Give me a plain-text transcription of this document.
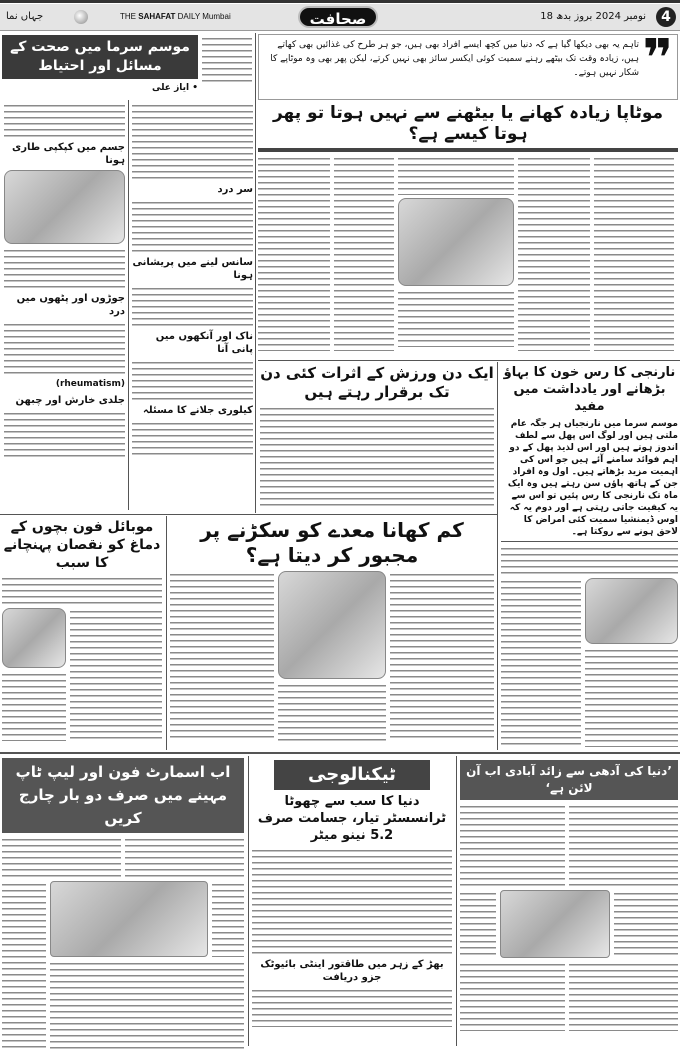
4
18 نومبر 2024 بروز بدھ
صحافت
THE SAHAFAT DAILY Mumbai
جہاں نما
موسم سرما میں صحت کے مسائل اور احتیاط
• ایاز علی
جسم میں کپکپی طاری ہونا
جوڑوں اور پٹھوں میں درد
(rheumatism)
جلدی خارش اور چبھن
سر درد
سانس لینے میں پریشانی ہونا
ناک اور آنکھوں میں پانی آنا
کیلوری جلانے کا مسئلہ
❞
تاہم یہ بھی دیکھا گیا ہے کہ دنیا میں کچھ ایسے افراد بھی ہیں، جو ہر طرح کی غذائیں بھی کھاتے ہیں، زیادہ وقت تک بیٹھے رہنے سمیت کوئی ایکسر سائز بھی نہیں کرتے، لیکن پھر بھی وہ موٹاپے کا شکار نہیں ہوتے۔
موٹاپا زیادہ کھانے یا بیٹھنے سے نہیں ہوتا تو پھر ہوتا کیسے ہے؟
ایک دن ورزش کے اثرات کئی دن تک برقرار رہتے ہیں
نارنجی کا رس خون کا بہاؤ بڑھانے اور یادداشت میں مفید
موسم سرما میں نارنجیاں ہر جگہ عام ملتی ہیں اور لوگ اس پھل سے لطف اندوز ہوتے ہیں اور اس لذیذ پھل کے دو اہم فوائد سامنے آئے ہیں جو اس کی اہمیت مزید بڑھاتے ہیں۔ اول وہ افراد جن کے ہاتھ پاؤں سن رہتے ہیں وہ ایک ماہ تک نارنجی کا رس پئیں تو اس سے یہ کیفیت جاتی رہتی ہے اور دوم یہ کہ اوس ڈیمنشیا سمیت کئی امراض کا لاحق ہونے سے روکتا ہے۔
موبائل فون بچوں کے دماغ کو نقصان پہنچانے کا سبب
کم کھانا معدے کو سکڑنے پر مجبور کر دیتا ہے؟
اب اسمارٹ فون اور لیپ ٹاپ مہینے میں صرف دو بار چارج کریں
ٹیکنالوجی
دنیا کا سب سے چھوٹا ٹرانسسٹر تیار، جسامت صرف 5.2 نینو میٹر
بھڑ کے زہر میں طاقتور اینٹی بائیوٹک جزو دریافت
’دنیا کی آدھی سے زائد آبادی اب آن لائن ہے‘
